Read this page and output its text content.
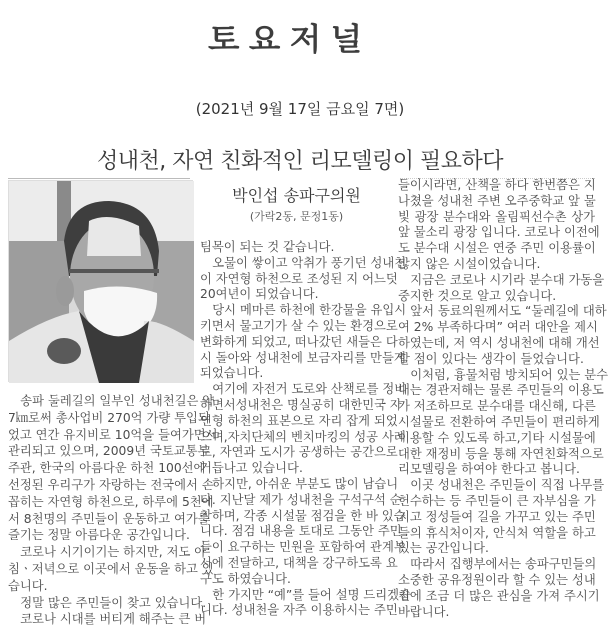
토요저널
(2021년 9월 17일 금요일 7면)
성내천, 자연 친화적인 리모델링이 필요하다
박인섭 송파구의원
(가락2동, 문정1동)
송파 둘레길의 일부인 성내천길은 약
7㎞로써 총사업비 270억 가량 투입되
었고 연간 유지비로 10억을 들여가면서
관리되고 있으며, 2009년 국토교통부
주관, 한국의 아름다운 하천 100선에
선정된 우리구가 자랑하는 전국에서 손
꼽히는 자연형 하천으로, 하루에 5천에
서 8천명의 주민들이 운동하고 여가를
즐기는 정말 아름다운 공간입니다.
코로나 시기이기는 하지만, 저도 아
침ㆍ저녁으로 이곳에서 운동을 하고 있
습니다.
정말 많은 주민들이 찾고 있습니다.
코로나 시대를 버티게 해주는 큰 버
팀목이 되는 것 같습니다.
오물이 쌓이고 악취가 풍기던 성내천
이 자연형 하천으로 조성된 지 어느덧
20여년이 되었습니다.
당시 메마른 하천에 한강물을 유입시
키면서 물고기가 살 수 있는 환경으로
변화하게 되었고, 떠나갔던 새들은 다
시 돌아와 성내천에 보금자리를 만들게
되었습니다.
여기에 자전거 도로와 산책로를 정비
하면서성내천은 명실공히 대한민국 자
연형 하천의 표본으로 자리 잡게 되었
으며,자치단체의 벤치마킹의 성공 사례
로, 자연과 도시가 공생하는 공간으로
거듭나고 있습니다.
하지만, 아쉬운 부분도 많이 남습니
다. 지난달 제가 성내천을 구석구석 순
찰하며, 각종 시설물 점검을 한 바 있습
니다. 점검 내용을 토대로 그동안 주민
들이 요구하는 민원을 포함하여 관계부
서에 전달하고, 대책을 강구하도록 요
구도 하였습니다.
한 가지만 “예”를 들어 설명 드리겠습
니다. 성내천을 자주 이용하시는 주민
들이시라면, 산책을 하다 한번쯤은 지
나쳤을 성내천 주변 오주중학교 앞 물
빛 광장 분수대와 올림픽선수촌 상가
앞 물소리 광장 입니다. 코로나 이전에
도 분수대 시설은 연중 주민 이용률이
많지 않은 시설이었습니다.
지금은 코로나 시기라 분수대 가동을
중지한 것으로 알고 있습니다.
앞서 동료의원께서도 “둘레길에 대하
여 2% 부족하다며” 여러 대안을 제시
하였는데, 저 역시 성내천에 대해 개선
할 점이 있다는 생각이 들었습니다.
이처럼, 흉물처럼 방치되어 있는 분수
대는 경관저해는 물론 주민들의 이용도
가 저조하므로 분수대를 대신해, 다른
시설물로 전환하여 주민들이 편리하게
이용할 수 있도록 하고,기타 시설물에
대한 재정비 등을 통해 자연친화적으로
리모델링을 하여야 한다고 봅니다.
이곳 성내천은 주민들이 직접 나무를
헌수하는 등 주민들이 큰 자부심을 가
지고 정성들여 길을 가꾸고 있는 주민
들의 휴식처이자, 안식처 역할을 하고
있는 공간입니다.
따라서 집행부에서는 송파구민들의
소중한 공유정원이라 할 수 있는 성내
천에 조금 더 많은 관심을 가져 주시기
바랍니다.
